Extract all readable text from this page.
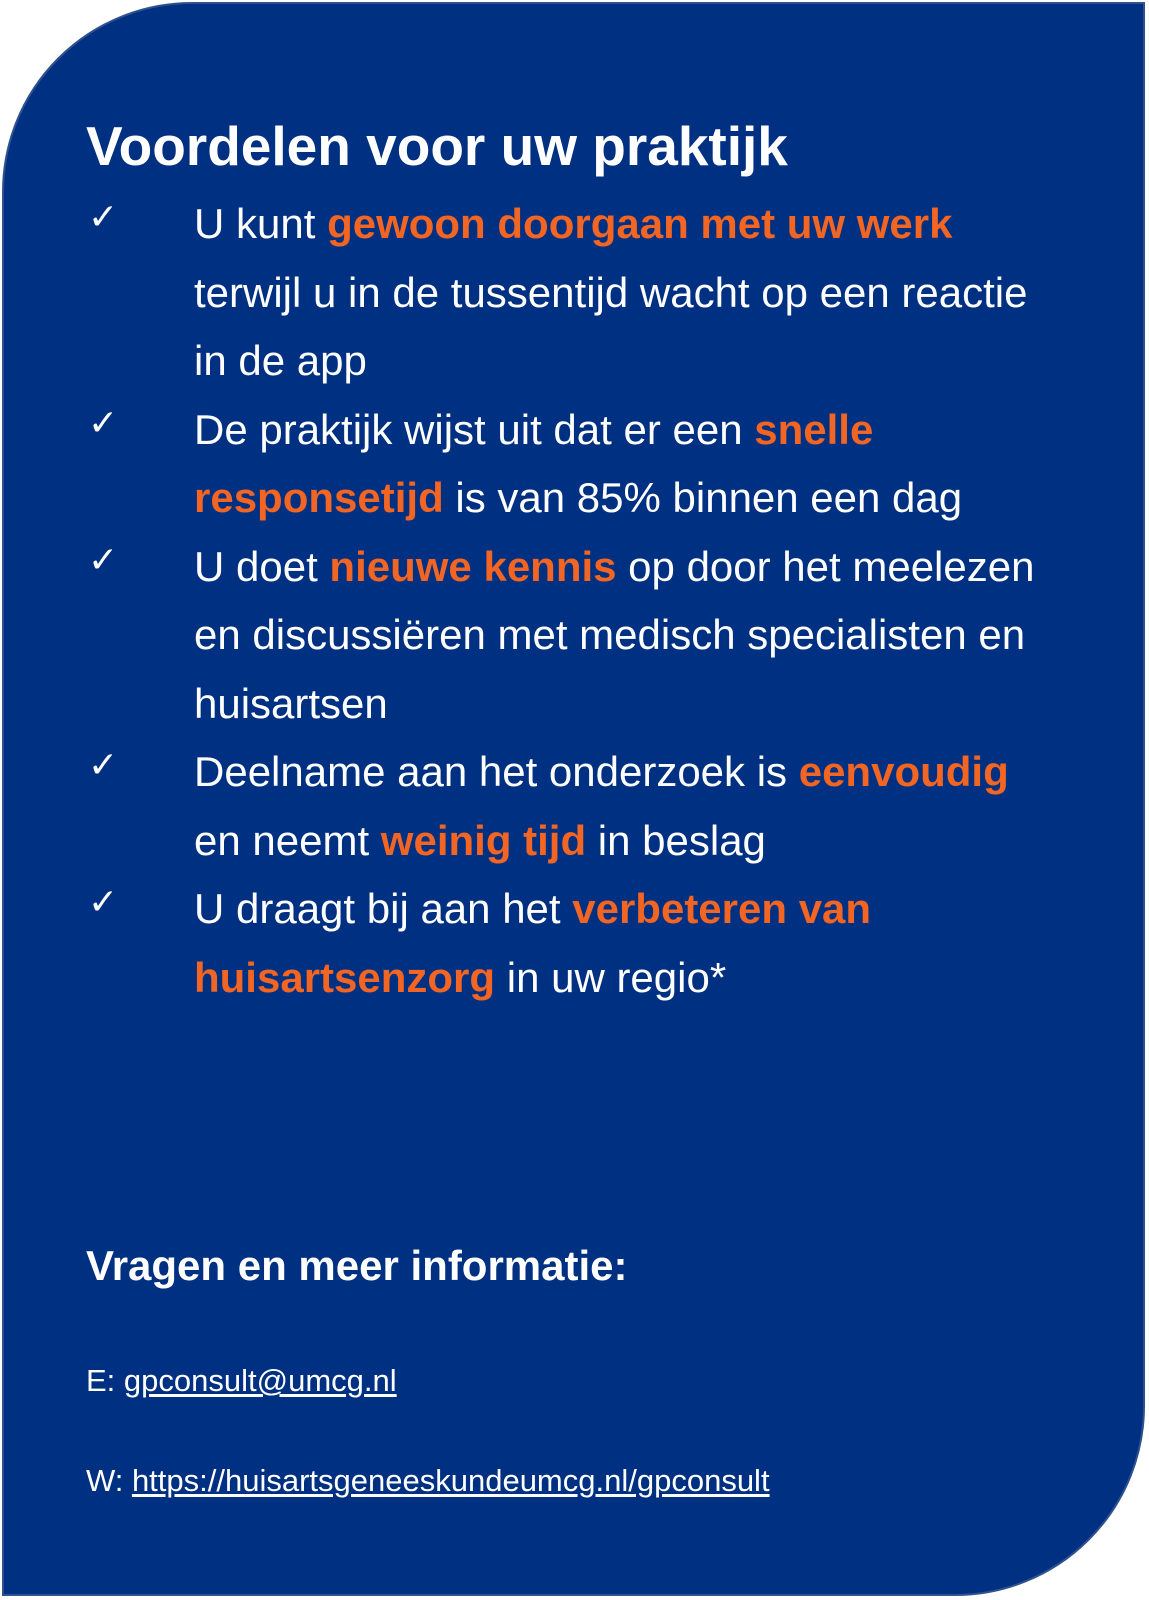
Voordelen voor uw praktijk
✓ U kunt gewoon doorgaan met uw werk terwijl u in de tussentijd wacht op een reactie in de app
✓ De praktijk wijst uit dat er een snelle responsetijd is van 85% binnen een dag
✓ U doet nieuwe kennis op door het meelezen en discussiëren met medisch specialisten en huisartsen
✓ Deelname aan het onderzoek is eenvoudig en neemt weinig tijd in beslag
✓ U draagt bij aan het verbeteren van huisartsenzorg in uw regio*
Vragen en meer informatie:
E: gpconsult@umcg.nl
W: https://huisartsgeneeskundeumcg.nl/gpconsult
